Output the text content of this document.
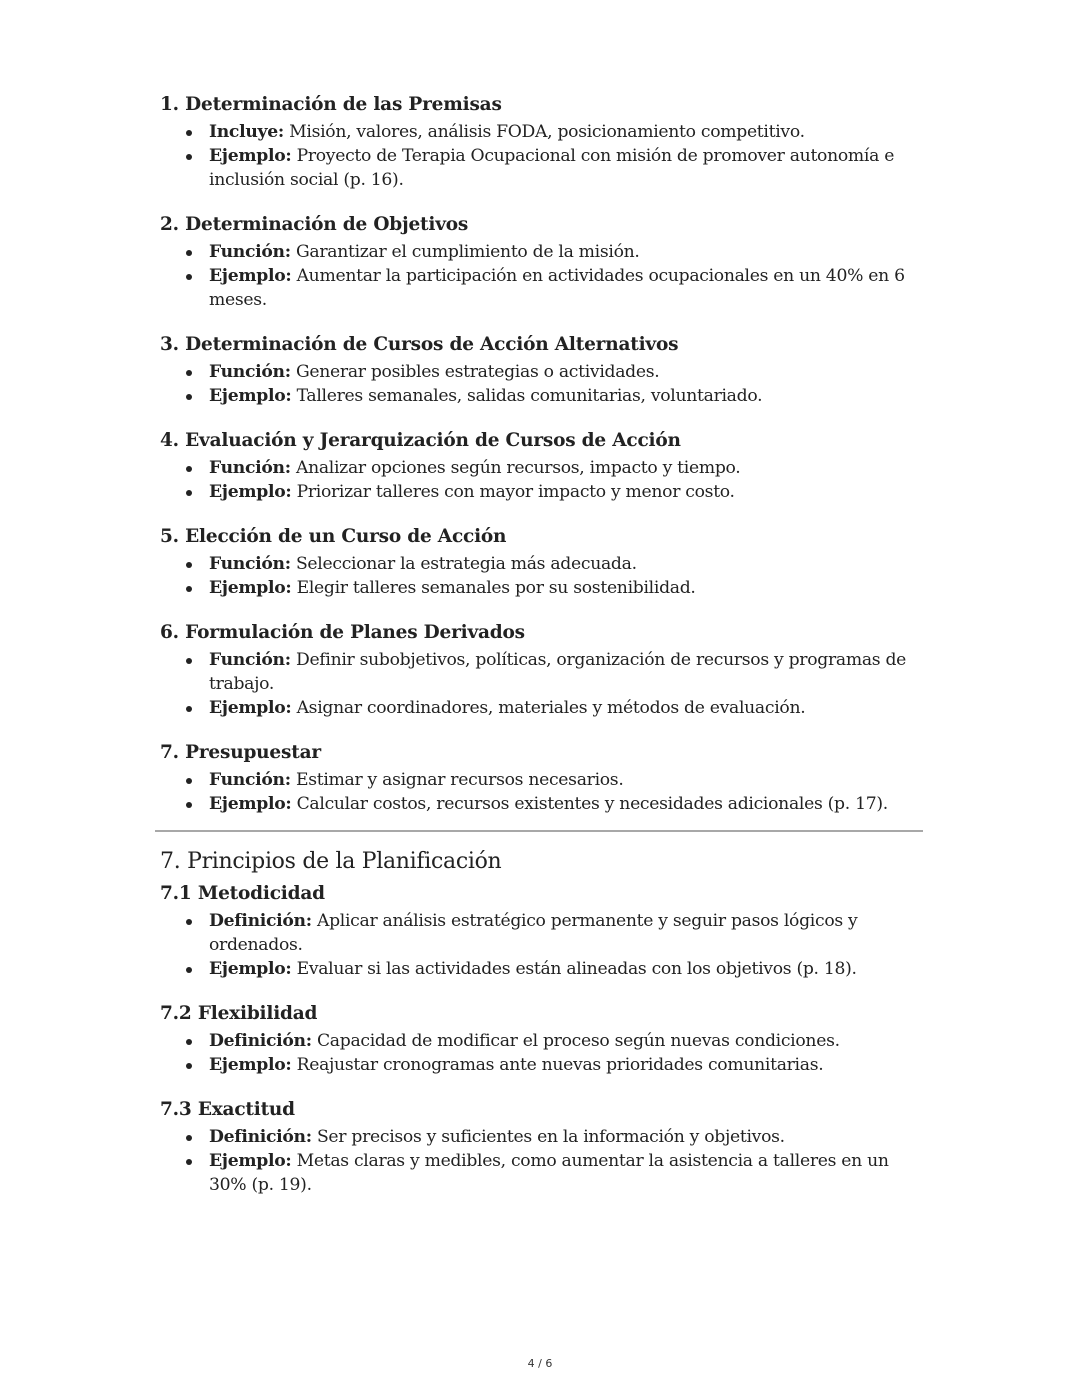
1. Determinación de las Premisas
Incluye: Misión, valores, análisis FODA, posicionamiento competitivo.
Ejemplo: Proyecto de Terapia Ocupacional con misión de promover autonomía e inclusión social (p. 16).
2. Determinación de Objetivos
Función: Garantizar el cumplimiento de la misión.
Ejemplo: Aumentar la participación en actividades ocupacionales en un 40% en 6 meses.
3. Determinación de Cursos de Acción Alternativos
Función: Generar posibles estrategias o actividades.
Ejemplo: Talleres semanales, salidas comunitarias, voluntariado.
4. Evaluación y Jerarquización de Cursos de Acción
Función: Analizar opciones según recursos, impacto y tiempo.
Ejemplo: Priorizar talleres con mayor impacto y menor costo.
5. Elección de un Curso de Acción
Función: Seleccionar la estrategia más adecuada.
Ejemplo: Elegir talleres semanales por su sostenibilidad.
6. Formulación de Planes Derivados
Función: Definir subobjetivos, políticas, organización de recursos y programas de trabajo.
Ejemplo: Asignar coordinadores, materiales y métodos de evaluación.
7. Presupuestar
Función: Estimar y asignar recursos necesarios.
Ejemplo: Calcular costos, recursos existentes y necesidades adicionales (p. 17).
7. Principios de la Planificación
7.1 Metodicidad
Definición: Aplicar análisis estratégico permanente y seguir pasos lógicos y ordenados.
Ejemplo: Evaluar si las actividades están alineadas con los objetivos (p. 18).
7.2 Flexibilidad
Definición: Capacidad de modificar el proceso según nuevas condiciones.
Ejemplo: Reajustar cronogramas ante nuevas prioridades comunitarias.
7.3 Exactitud
Definición: Ser precisos y suficientes en la información y objetivos.
Ejemplo: Metas claras y medibles, como aumentar la asistencia a talleres en un 30% (p. 19).
4 / 6
